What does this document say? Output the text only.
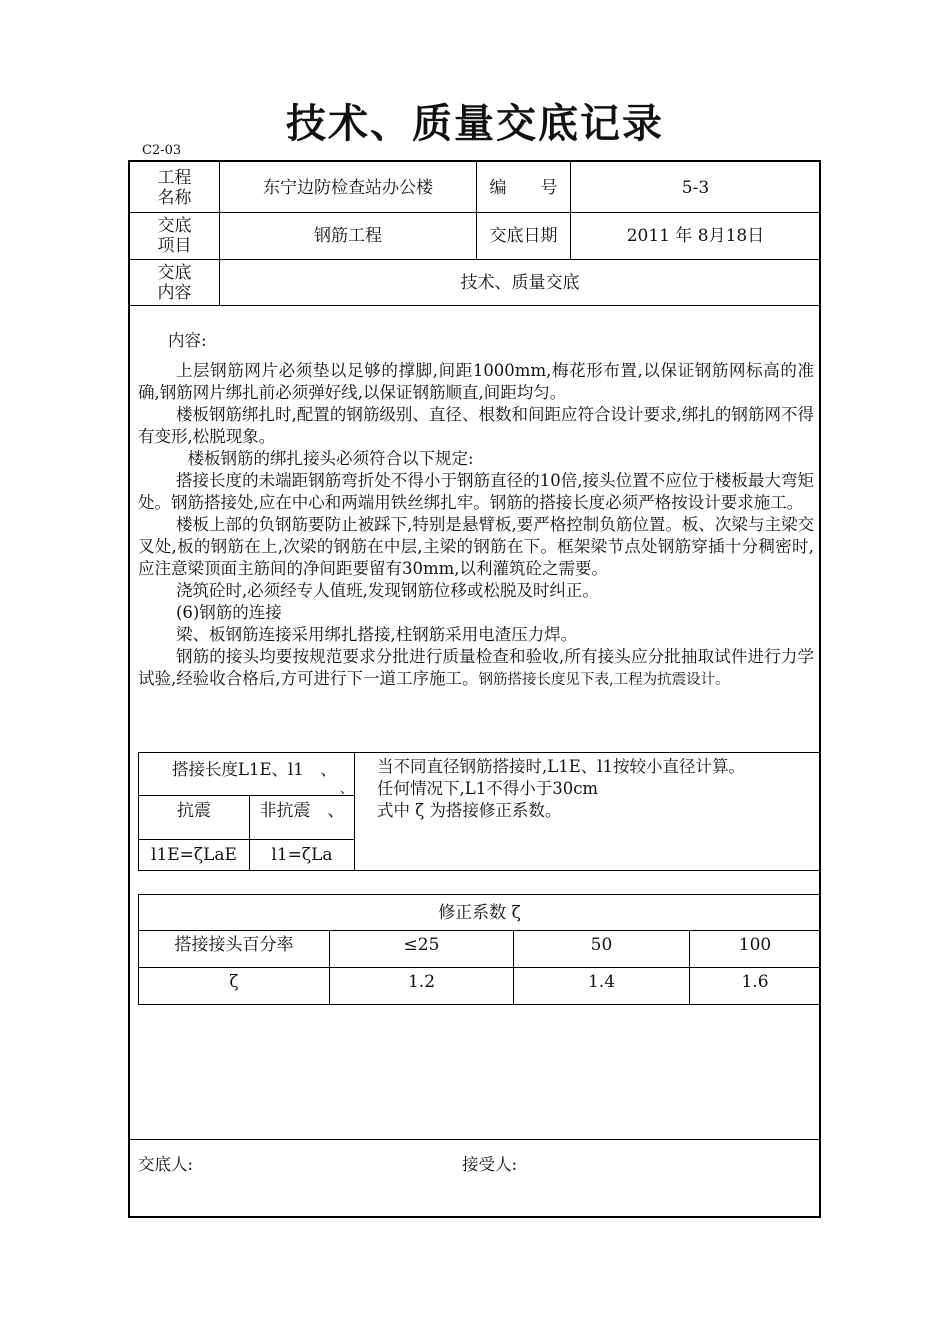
技术、质量交底记录
C2-03
工程
名称	东宁边防检查站办公楼	编　　号	5-3
交底
项目	钢筋工程	交底日期	2011 年 8月18日
交底
内容	技术、质量交底

内容:

上层钢筋网片必须垫以足够的撑脚,间距1000mm,梅花形布置,以保证钢筋网标高的准确,钢筋网片绑扎前必须弹好线,以保证钢筋顺直,间距均匀。

楼板钢筋绑扎时,配置的钢筋级别、直径、根数和间距应符合设计要求,绑扎的钢筋网不得有变形,松脱现象。

楼板钢筋的绑扎接头必须符合以下规定:

搭接长度的未端距钢筋弯折处不得小于钢筋直径的10倍,接头位置不应位于楼板最大弯矩处。钢筋搭接处,应在中心和两端用铁丝绑扎牢。钢筋的搭接长度必须严格按设计要求施工。

楼板上部的负钢筋要防止被踩下,特别是悬臂板,要严格控制负筋位置。板、次梁与主梁交叉处,板的钢筋在上,次梁的钢筋在中层,主梁的钢筋在下。框架梁节点处钢筋穿插十分稠密时,应注意梁顶面主筋间的净间距要留有30mm,以利灌筑砼之需要。

浇筑砼时,必须经专人值班,发现钢筋位移或松脱及时纠正。

(6)钢筋的连接

梁、板钢筋连接采用绑扎搭接,柱钢筋采用电渣压力焊。

钢筋的接头均要按规范要求分批进行质量检查和验收,所有接头应分批抽取试件进行力学试验,经验收合格后,方可进行下一道工序施工。钢筋搭接长度见下表,工程为抗震设计。

搭接长度L1E、l1　、
、
抗震	非抗震　、
l1E=ζLaE	l1=ζLa
当不同直径钢筋搭接时,L1E、l1按较小直径计算。
任何情况下,L1不得小于30cm
式中 ζ 为搭接修正系数。
修正系数 ζ
搭接接头百分率	≤25	50	100
ζ	1.2	1.4	1.6
交底人:	接受人:
